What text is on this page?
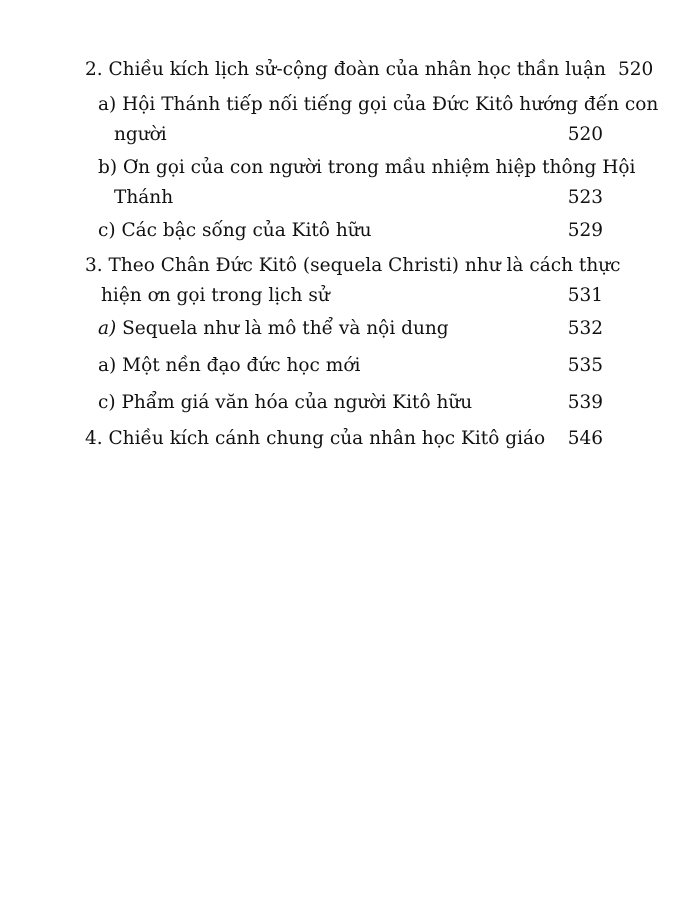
2. Chiều kích lịch sử-cộng đoàn của nhân học thần luận 520
a) Hội Thánh tiếp nối tiếng gọi của Đức Kitô hướng đến con
người	520
b) Ơn gọi của con người trong mầu nhiệm hiệp thông Hội
Thánh	523
c) Các bậc sống của Kitô hữu	529
3. Theo Chân Đức Kitô (sequela Christi) như là cách thực
hiện ơn gọi trong lịch sử	531
a) Sequela như là mô thể và nội dung	532
a) Một nền đạo đức học mới	535
c) Phẩm giá văn hóa của người Kitô hữu	539
4. Chiều kích cánh chung của nhân học Kitô giáo 546
